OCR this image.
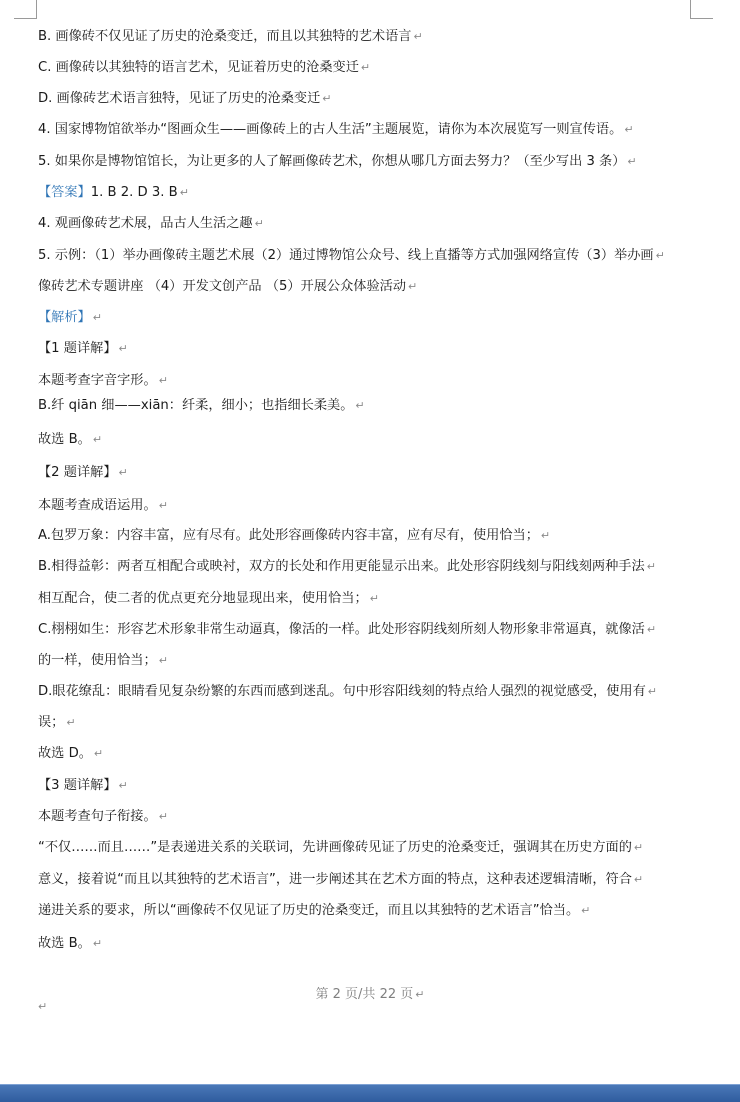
B. 画像砖不仅见证了历史的沧桑变迁，而且以其独特的艺术语言 ↵
C. 画像砖以其独特的语言艺术，见证着历史的沧桑变迁 ↵
D. 画像砖艺术语言独特，见证了历史的沧桑变迁 ↵
4. 国家博物馆欲举办“图画众生——画像砖上的古人生活”主题展览，请你为本次展览写一则宣传语。 ↵
5. 如果你是博物馆馆长，为让更多的人了解画像砖艺术，你想从哪几方面去努力？（至少写出 3 条） ↵
【答案】1. B 2. D 3. B ↵
4. 观画像砖艺术展，品古人生活之趣 ↵
5. 示例：（1）举办画像砖主题艺术展（2）通过博物馆公众号、线上直播等方式加强网络宣传（3）举办画 ↵
像砖艺术专题讲座 （4）开发文创产品 （5）开展公众体验活动 ↵
【解析】 ↵
【1 题详解】 ↵
本题考查字音字形。 ↵
B.纤 qiān 细——xiān：纤柔，细小；也指细长柔美。 ↵
故选 B。 ↵
【2 题详解】 ↵
本题考查成语运用。 ↵
A.包罗万象：内容丰富，应有尽有。此处形容画像砖内容丰富，应有尽有，使用恰当； ↵
B.相得益彰：两者互相配合或映衬，双方的长处和作用更能显示出来。此处形容阴线刻与阳线刻两种手法 ↵
相互配合，使二者的优点更充分地显现出来，使用恰当； ↵
C.栩栩如生：形容艺术形象非常生动逼真，像活的一样。此处形容阴线刻所刻人物形象非常逼真，就像活 ↵
的一样，使用恰当； ↵
D.眼花缭乱：眼睛看见复杂纷繁的东西而感到迷乱。句中形容阳线刻的特点给人强烈的视觉感受，使用有 ↵
误； ↵
故选 D。 ↵
【3 题详解】 ↵
本题考查句子衔接。 ↵
“不仅……而且……”是表递进关系的关联词，先讲画像砖见证了历史的沧桑变迁，强调其在历史方面的 ↵
意义，接着说“而且以其独特的艺术语言”，进一步阐述其在艺术方面的特点，这种表述逻辑清晰，符合 ↵
递进关系的要求，所以“画像砖不仅见证了历史的沧桑变迁，而且以其独特的艺术语言”恰当。 ↵
故选 B。 ↵
第 2 页/共 22 页 ↵
↵
